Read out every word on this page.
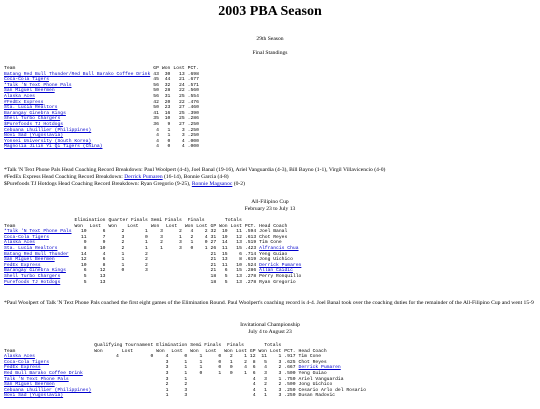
2003 PBA Season
29th Season
Final Standings
Team	GP	Won	Lost	PCT.
Batang Red Bull Thunder/Red Bull Barako Coffee Drink	43	30	13	.698
Coca-Cola Tigers	45	44	21	.677
*Talk 'N Text Phone Pals	56	32	24	.571
San Miguel Beermen	50	28	22	.560
Alaska Aces	56	31	25	.554
#FedEx Express	42	20	22	.476
Sta. Lucia Realtors	50	23	27	.460
Barangay Ginebra Kings	41	16	25	.390
Shell Turbo Chargers	35	10	25	.286
$Purefoods TJ Hotdogs	36	9	27	.250
Cebuana Lhuillier (Philippines)	4	1	3	.250
Novi Sad (Yugoslavia)	4	1	3	.250
Yonsei University (South Korea)	4	0	4	.000
Magnolia Jilin Yi Qi Tigers (China)	4	0	4	.000
*Talk 'N Text Phone Pals Head Coaching Record Breakdown: Paul Woolpert (4-4), Joel Banal (19-16), Ariel Vanguardia (4-3), Bill Bayno (1-1), Virgil Villavicencio (4-0)
#FedEx Express Head Coaching Record Breakdown: Derrick Pumaren (16-14), Bonnie Garcia (4-8)
$Purefoods TJ Hotdogs Head Coaching Record Breakdown: Ryan Gregorio (9-25), Ronnie Magsanoc (0-2)
All-Filipino Cup
February 23 to July 13
	Elimination		Quarter Finals		Semi Finals		Finals		Totals				
Team	Won	Lost	Won	Lost	Won	Lost	Won	Lost	GP	Won	Lost	PCT.	Head Coach
*Talk 'N Text Phone Pals	10	6	2	1	3	2	4	2	32	19	11	.594	Joel Banal
Coca-Cola Tigers	11	7	3	0	3	1	2	4	31	19	12	.613	Chot Reyes
Alaska Aces	9	9	2	1	2	3	1	0	27	14	13	.519	Tim Cone
Sta. Lucia Realtors	8	10	2	1	1	3	0	1	26	11	15	.423	Alfrancis Chua
Batang Red Bull Thunder	14	4	1	2					21	15	6	.714	Yeng Guiao
San Miguel Beermen	12	6	1	2					21	13	8	.619	Jong Uichico
FedEx Express	10	8	1	2					21	11	10	.524	Derrick Pumaren
Barangay Ginebra Kings	6	12	0	3					21	6	15	.286	Allan Caidic
Shell Turbo Chargers	5	13							18	5	13	.278	Perry Ronquillo
Purefoods TJ Hotdogs	5	13							18	5	13	.278	Ryan Gregorio
*Paul Woolpert of Talk 'N Text Phone Pals coached the first eight games of the Elimination Round. Paul Woolpert's coaching record is 4-4. Joel Banal took over the coaching duties for the remainder of the All-Filipino Cup and went 15-9
Invitational Championship
July 4 to August 23
	Qualifying Tournament		Elimination		Semi Finals		Finals		Totals				
Team	Won	Lost	Won	Lost	Won	Lost	Won	Lost	GP	Won	Lost	PCT.	Head Coach
Alaska Aces	4	0	4	0	1	0	2	1	12	11	1	.917	Tim Cone
Coca-Cola Tigers			3	1	1	0	1	2	8	5	3	.625	Chot Reyes
FedEx Express			3	1	1	0	0	4	6	4	2	.667	Derrick Pumaren
Red Bull Barako Coffee Drink			3	1	0	1	0	1	6	3	3	.500	Yeng Guiao
Talk 'N Text Phone Pals			3	1					4	3	1	.750	Ariel Vanguardia
San Miguel Beermen			2	2					4	2	2	.500	Jong Uichico
Cebuana Lhuillier (Philippines)			1	3					4	1	3	.250	Cesario Arlo del Rosario
Novi Sad (Yugoslavia)			1	3					4	1	3	.250	Dusan Radovic
